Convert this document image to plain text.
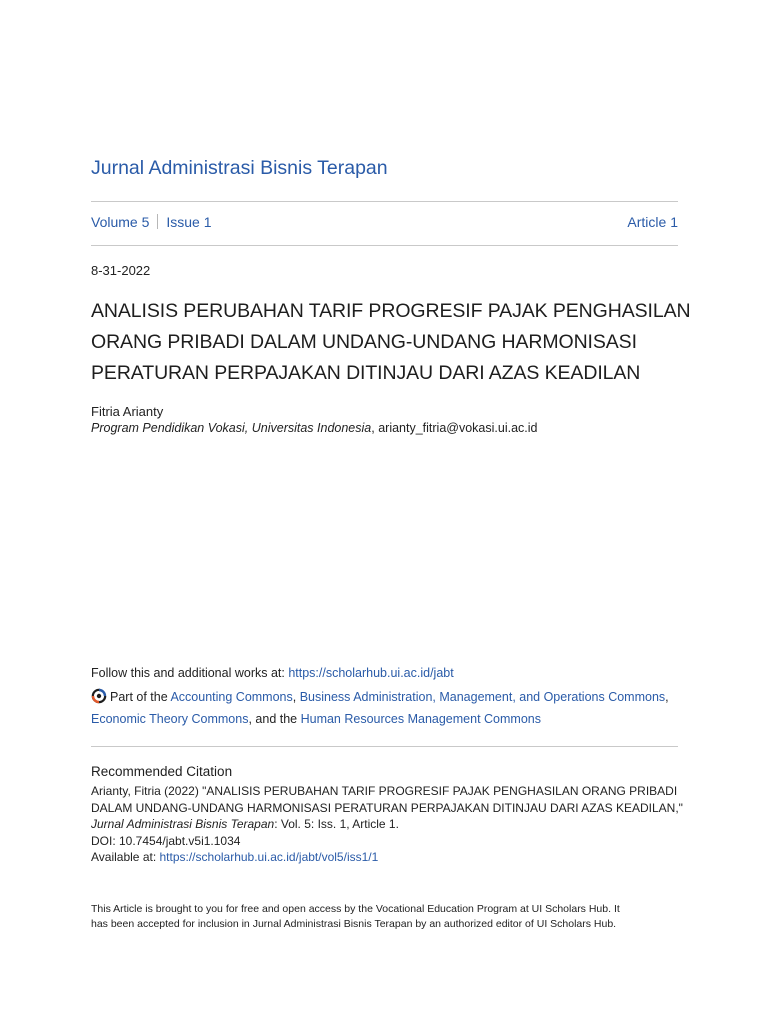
Jurnal Administrasi Bisnis Terapan
Volume 5 Issue 1	Article 1
8-31-2022
ANALISIS PERUBAHAN TARIF PROGRESIF PAJAK PENGHASILAN
ORANG PRIBADI DALAM UNDANG-UNDANG HARMONISASI
PERATURAN PERPAJAKAN DITINJAU DARI AZAS KEADILAN
Fitria Arianty
Program Pendidikan Vokasi, Universitas Indonesia, arianty_fitria@vokasi.ui.ac.id
Follow this and additional works at: https://scholarhub.ui.ac.id/jabt
Part of the Accounting Commons, Business Administration, Management, and Operations Commons,
Economic Theory Commons, and the Human Resources Management Commons
Recommended Citation
Arianty, Fitria (2022) "ANALISIS PERUBAHAN TARIF PROGRESIF PAJAK PENGHASILAN ORANG PRIBADI
DALAM UNDANG-UNDANG HARMONISASI PERATURAN PERPAJAKAN DITINJAU DARI AZAS KEADILAN,"
Jurnal Administrasi Bisnis Terapan: Vol. 5: Iss. 1, Article 1.
DOI: 10.7454/jabt.v5i1.1034
Available at: https://scholarhub.ui.ac.id/jabt/vol5/iss1/1
This Article is brought to you for free and open access by the Vocational Education Program at UI Scholars Hub. It
has been accepted for inclusion in Jurnal Administrasi Bisnis Terapan by an authorized editor of UI Scholars Hub.
